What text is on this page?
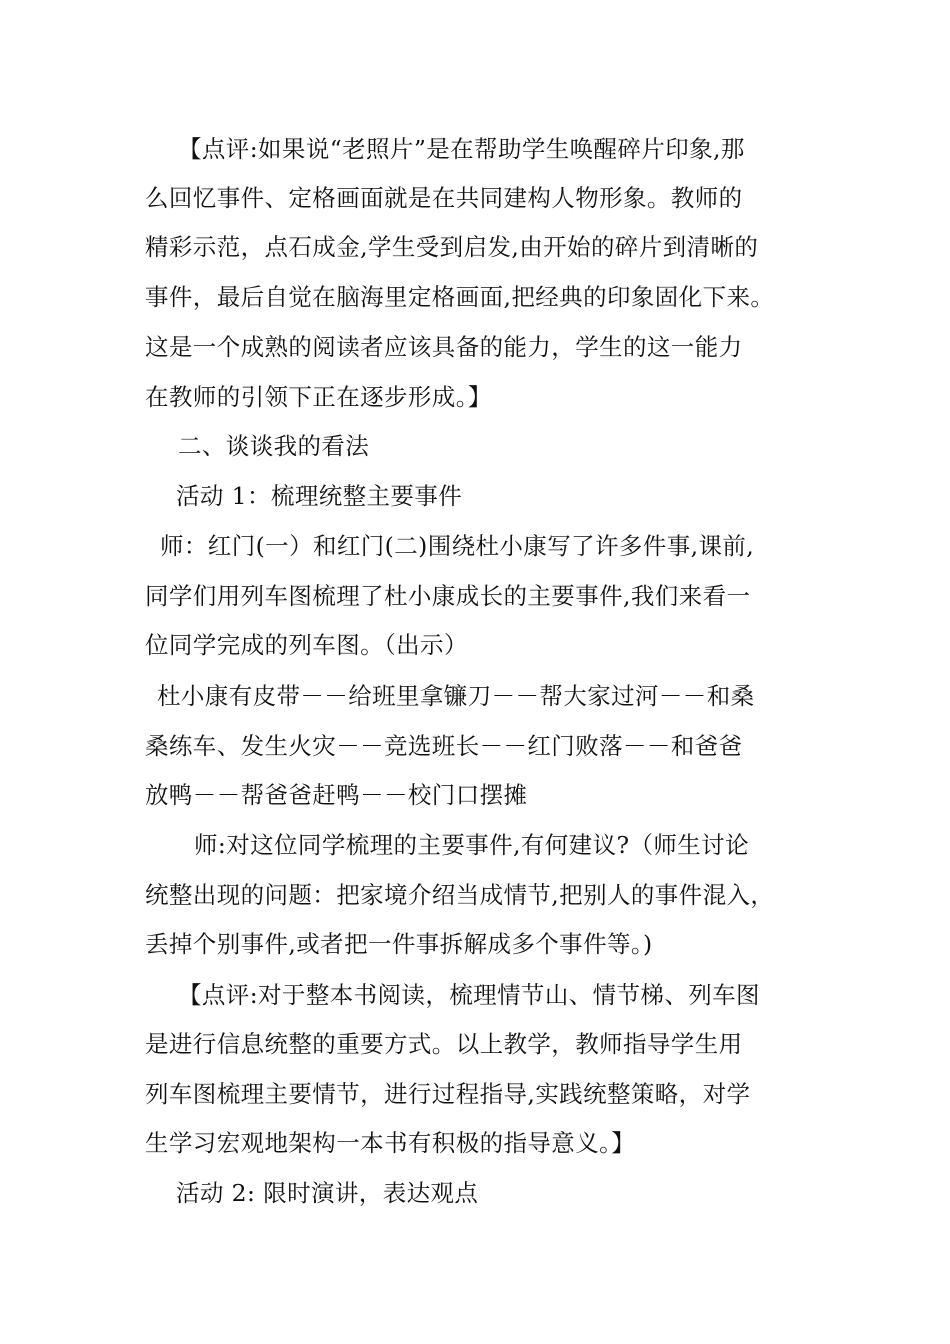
【点评:如果说“老照片”是在帮助学生唤醒碎片印象,那
么回忆事件、定格画面就是在共同建构人物形象。教师的
精彩示范，点石成金,学生受到启发,由开始的碎片到清晰的
事件，最后自觉在脑海里定格画面,把经典的印象固化下来。
这是一个成熟的阅读者应该具备的能力，学生的这一能力
在教师的引领下正在逐步形成。】
二、谈谈我的看法
活动 1：梳理统整主要事件
师：红门(一）和红门(二)围绕杜小康写了许多件事,课前,
同学们用列车图梳理了杜小康成长的主要事件,我们来看一
位同学完成的列车图。（出示）
杜小康有皮带－－给班里拿镰刀－－帮大家过河－－和桑
桑练车、发生火灾－－竞选班长－－红门败落－－和爸爸
放鸭－－帮爸爸赶鸭－－校门口摆摊
师:对这位同学梳理的主要事件,有何建议?（师生讨论
统整出现的问题：把家境介绍当成情节,把别人的事件混入，
丢掉个别事件,或者把一件事拆解成多个事件等。)
【点评:对于整本书阅读，梳理情节山、情节梯、列车图
是进行信息统整的重要方式。以上教学，教师指导学生用
列车图梳理主要情节，进行过程指导,实践统整策略，对学
生学习宏观地架构一本书有积极的指导意义。】
活动 2: 限时演讲，表达观点
